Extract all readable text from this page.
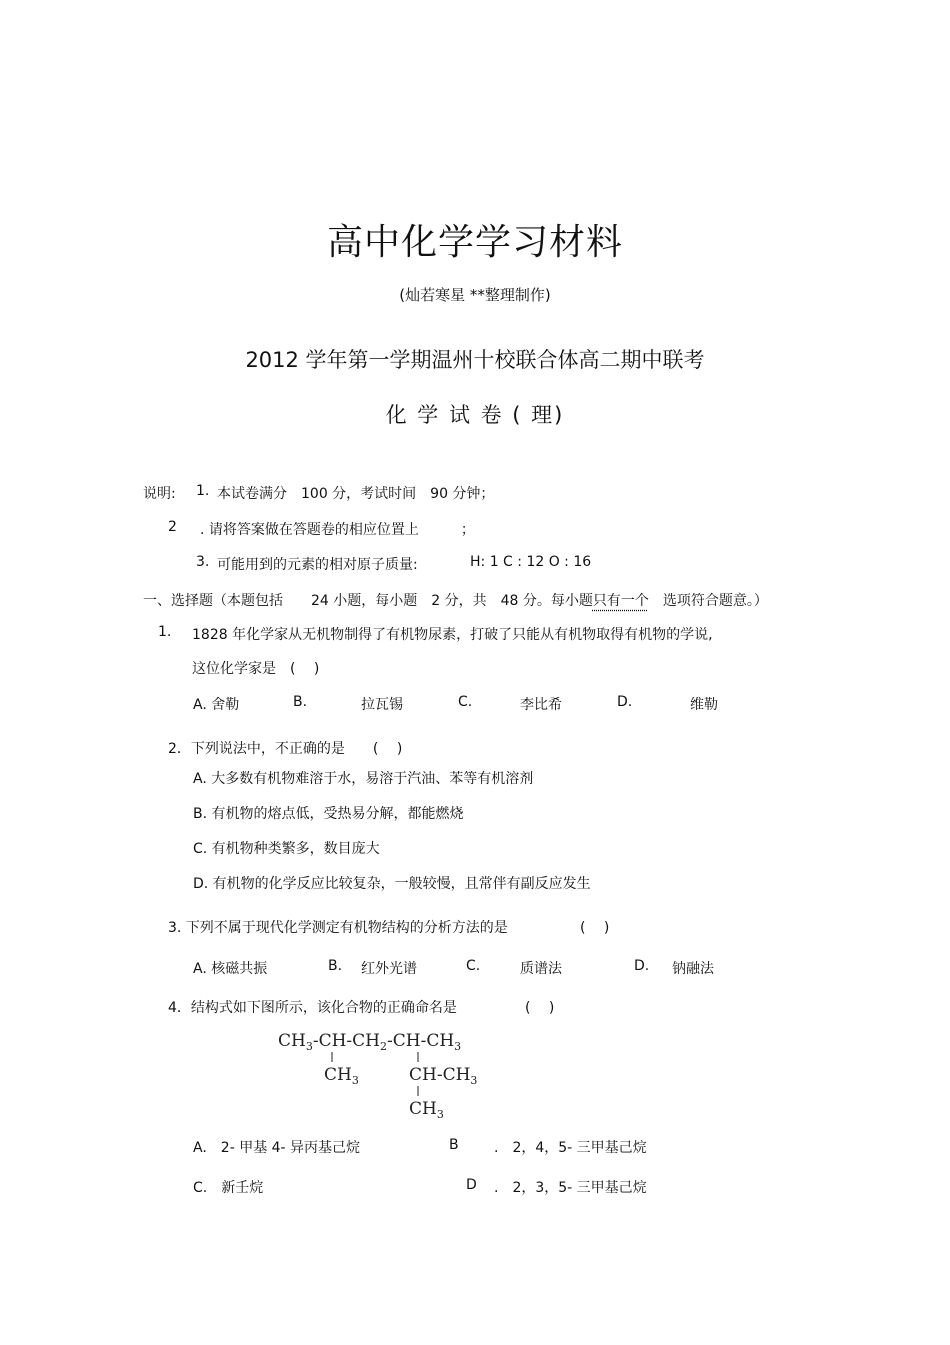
高中化学学习材料
(灿若寒星 **整理制作)
2012 学年第一学期温州十校联合体高二期中联考
化 学 试 卷 ( 理)
说明: 1. 本试卷满分　100 分，考试时间　90 分钟；
2 . 请将答案做在答题卷的相应位置上　　　；
3. 可能用到的元素的相对原子质量:	H: 1 C : 12 O : 16
一、选择题（本题包括　　24 小题，每小题　2 分，共　48 分。每小题只有一个　选项符合题意。）
1. 1828 年化学家从无机物制得了有机物尿素，打破了只能从有机物取得有机物的学说,
这位化学家是　(　 )
A. 舍勒	B.	拉瓦锡	C.	李比希	D.	维勒
2．下列说法中，不正确的是　　(　 )
A. 大多数有机物难溶于水，易溶于汽油、苯等有机溶剂
B. 有机物的熔点低，受热易分解，都能燃烧
C. 有机物种类繁多，数目庞大
D. 有机物的化学反应比较复杂，一般较慢，且常伴有副反应发生
3. 下列不属于现代化学测定有机物结构的分析方法的是	(　 )
A. 核磁共振	B. 红外光谱	C.	质谱法	D. 钠融法
4．结构式如下图所示，该化合物的正确命名是	(　 )
$CH_3-CH-CH_2-CH-CH_3$
$CH_3$	$CH-CH_3$
$CH_3$
A.　2- 甲基 4- 异丙基己烷	B	.　2，4，5- 三甲基己烷
C.　新壬烷	D .　2，3，5- 三甲基己烷
